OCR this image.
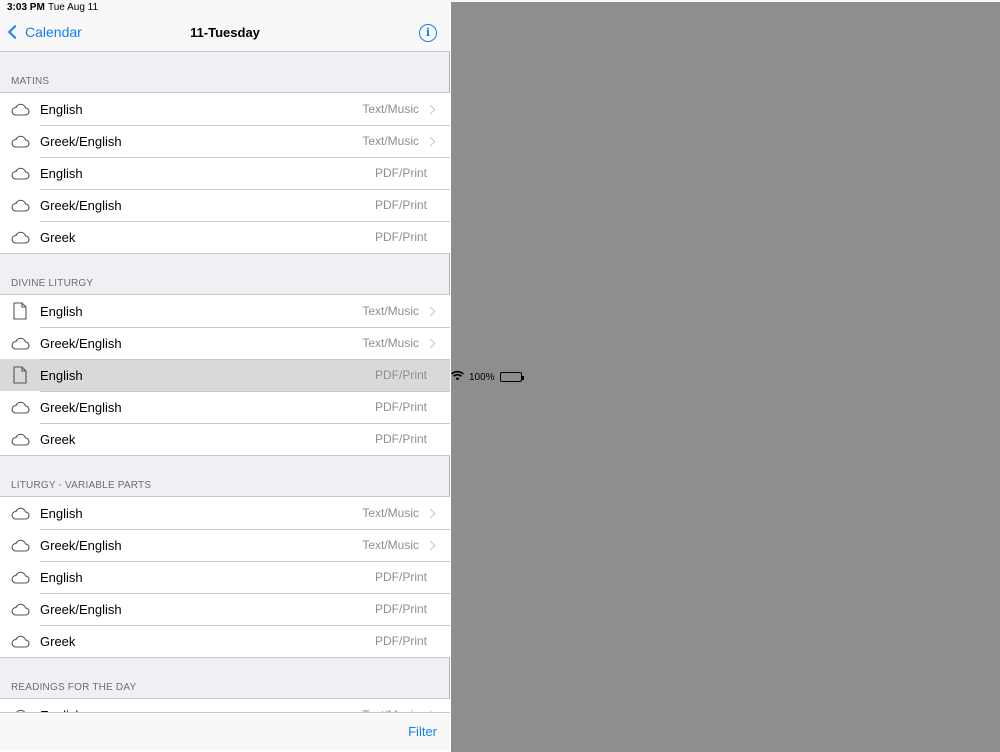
3:03 PM Tue Aug 11
100%
Calendar	11-Tuesday	i
MATINS
English	Text/Music
Greek/English	Text/Music
English	PDF/Print
Greek/English	PDF/Print
Greek	PDF/Print
DIVINE LITURGY
English	Text/Music
Greek/English	Text/Music
English	PDF/Print
Greek/English	PDF/Print
Greek	PDF/Print
LITURGY - VARIABLE PARTS
English	Text/Music
Greek/English	Text/Music
English	PDF/Print
Greek/English	PDF/Print
Greek	PDF/Print
READINGS FOR THE DAY
Filter
